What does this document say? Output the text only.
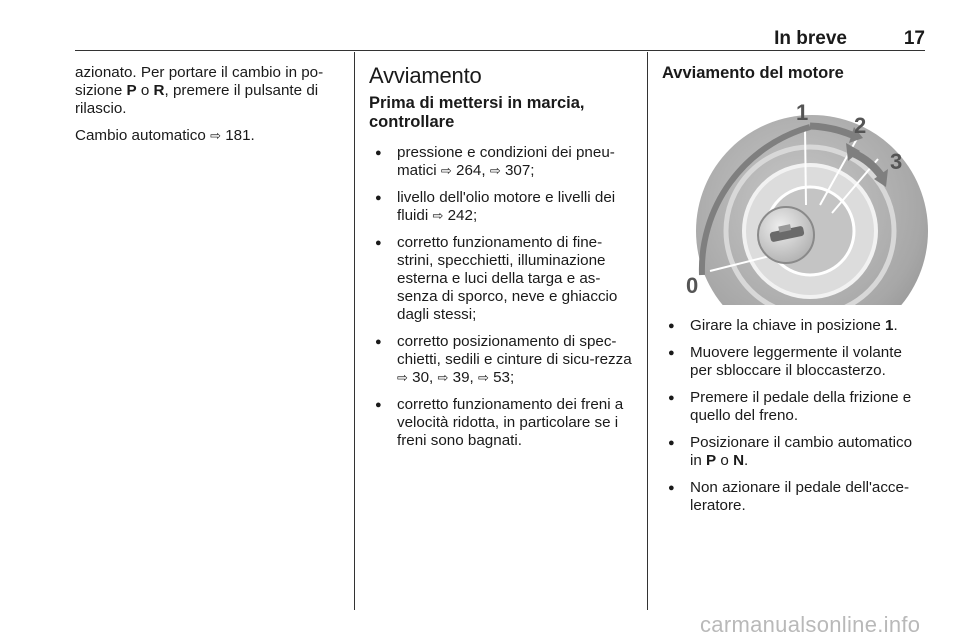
In breve	17

azionato. Per portare il cambio in po-sizione P o R, premere il pulsante di rilascio.

Cambio automatico ⇨ 181.

Avviamento
Prima di mettersi in marcia, controllare
● pressione e condizioni dei pneu-matici ⇨ 264, ⇨ 307;
● livello dell'olio motore e livelli dei fluidi ⇨ 242;
● corretto funzionamento di fine-strini, specchietti, illuminazione esterna e luci della targa e as-senza di sporco, neve e ghiaccio dagli stessi;
● corretto posizionamento di spec-chietti, sedili e cinture di sicu-rezza ⇨ 30, ⇨ 39, ⇨ 53;
● corretto funzionamento dei freni a velocità ridotta, in particolare se i freni sono bagnati.
Avviamento del motore
1
2
3
0
● Girare la chiave in posizione 1.
● Muovere leggermente il volante per sbloccare il bloccasterzo.
● Premere il pedale della frizione e quello del freno.
● Posizionare il cambio automatico in P o N.
● Non azionare il pedale dell'acce-leratore.
carmanualsonline.info
